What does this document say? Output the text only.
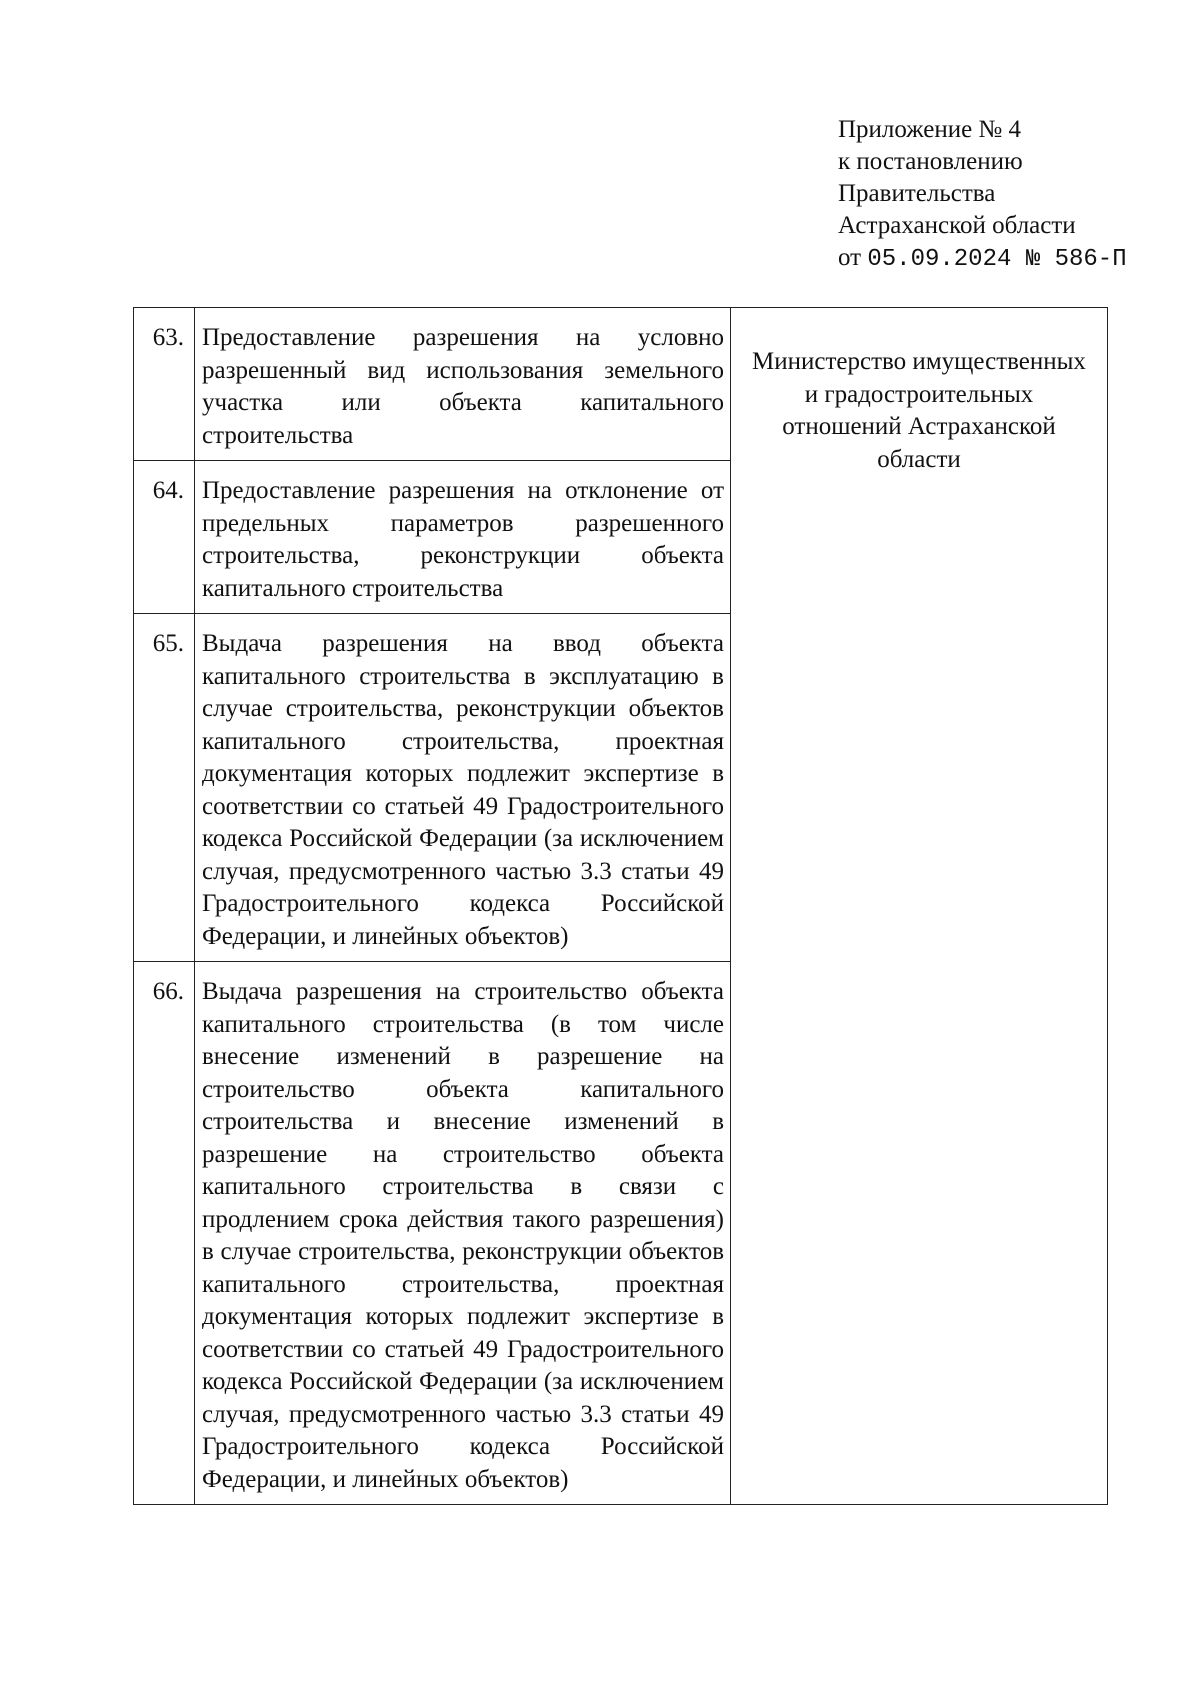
Приложение № 4
к постановлению
Правительства
Астраханской области
от 05.09.2024 № 586-П
63.	Предоставление разрешения на условно разрешенный вид использования земельного участка или объекта капитального строительства	Министерство имущественных и градостроительных отношений Астраханской области

64.	Предоставление разрешения на отклонение от предельных параметров разрешенного строительства, реконструкции объекта капитального строительства	
65.	Выдача разрешения на ввод объекта капитального строительства в эксплуатацию в случае строительства, реконструкции объектов капитального строительства, проектная документация которых подлежит экспертизе в соответствии со статьей 49 Градостроительного кодекса Российской Федерации (за исключением случая, предусмотренного частью 3.3 статьи 49 Градостроительного кодекса Российской Федерации, и линейных объектов)	
66.	Выдача разрешения на строительство объекта капитального строительства (в том числе внесение изменений в разрешение на строительство объекта капитального строительства и внесение изменений в разрешение на строительство объекта капитального строительства в связи с продлением срока действия такого разрешения) в случае строительства, реконструкции объектов капитального строительства, проектная документация которых подлежит экспертизе в соответствии со статьей 49 Градостроительного кодекса Российской Федерации (за исключением случая, предусмотренного частью 3.3 статьи 49 Градостроительного кодекса Российской Федерации, и линейных объектов)	
